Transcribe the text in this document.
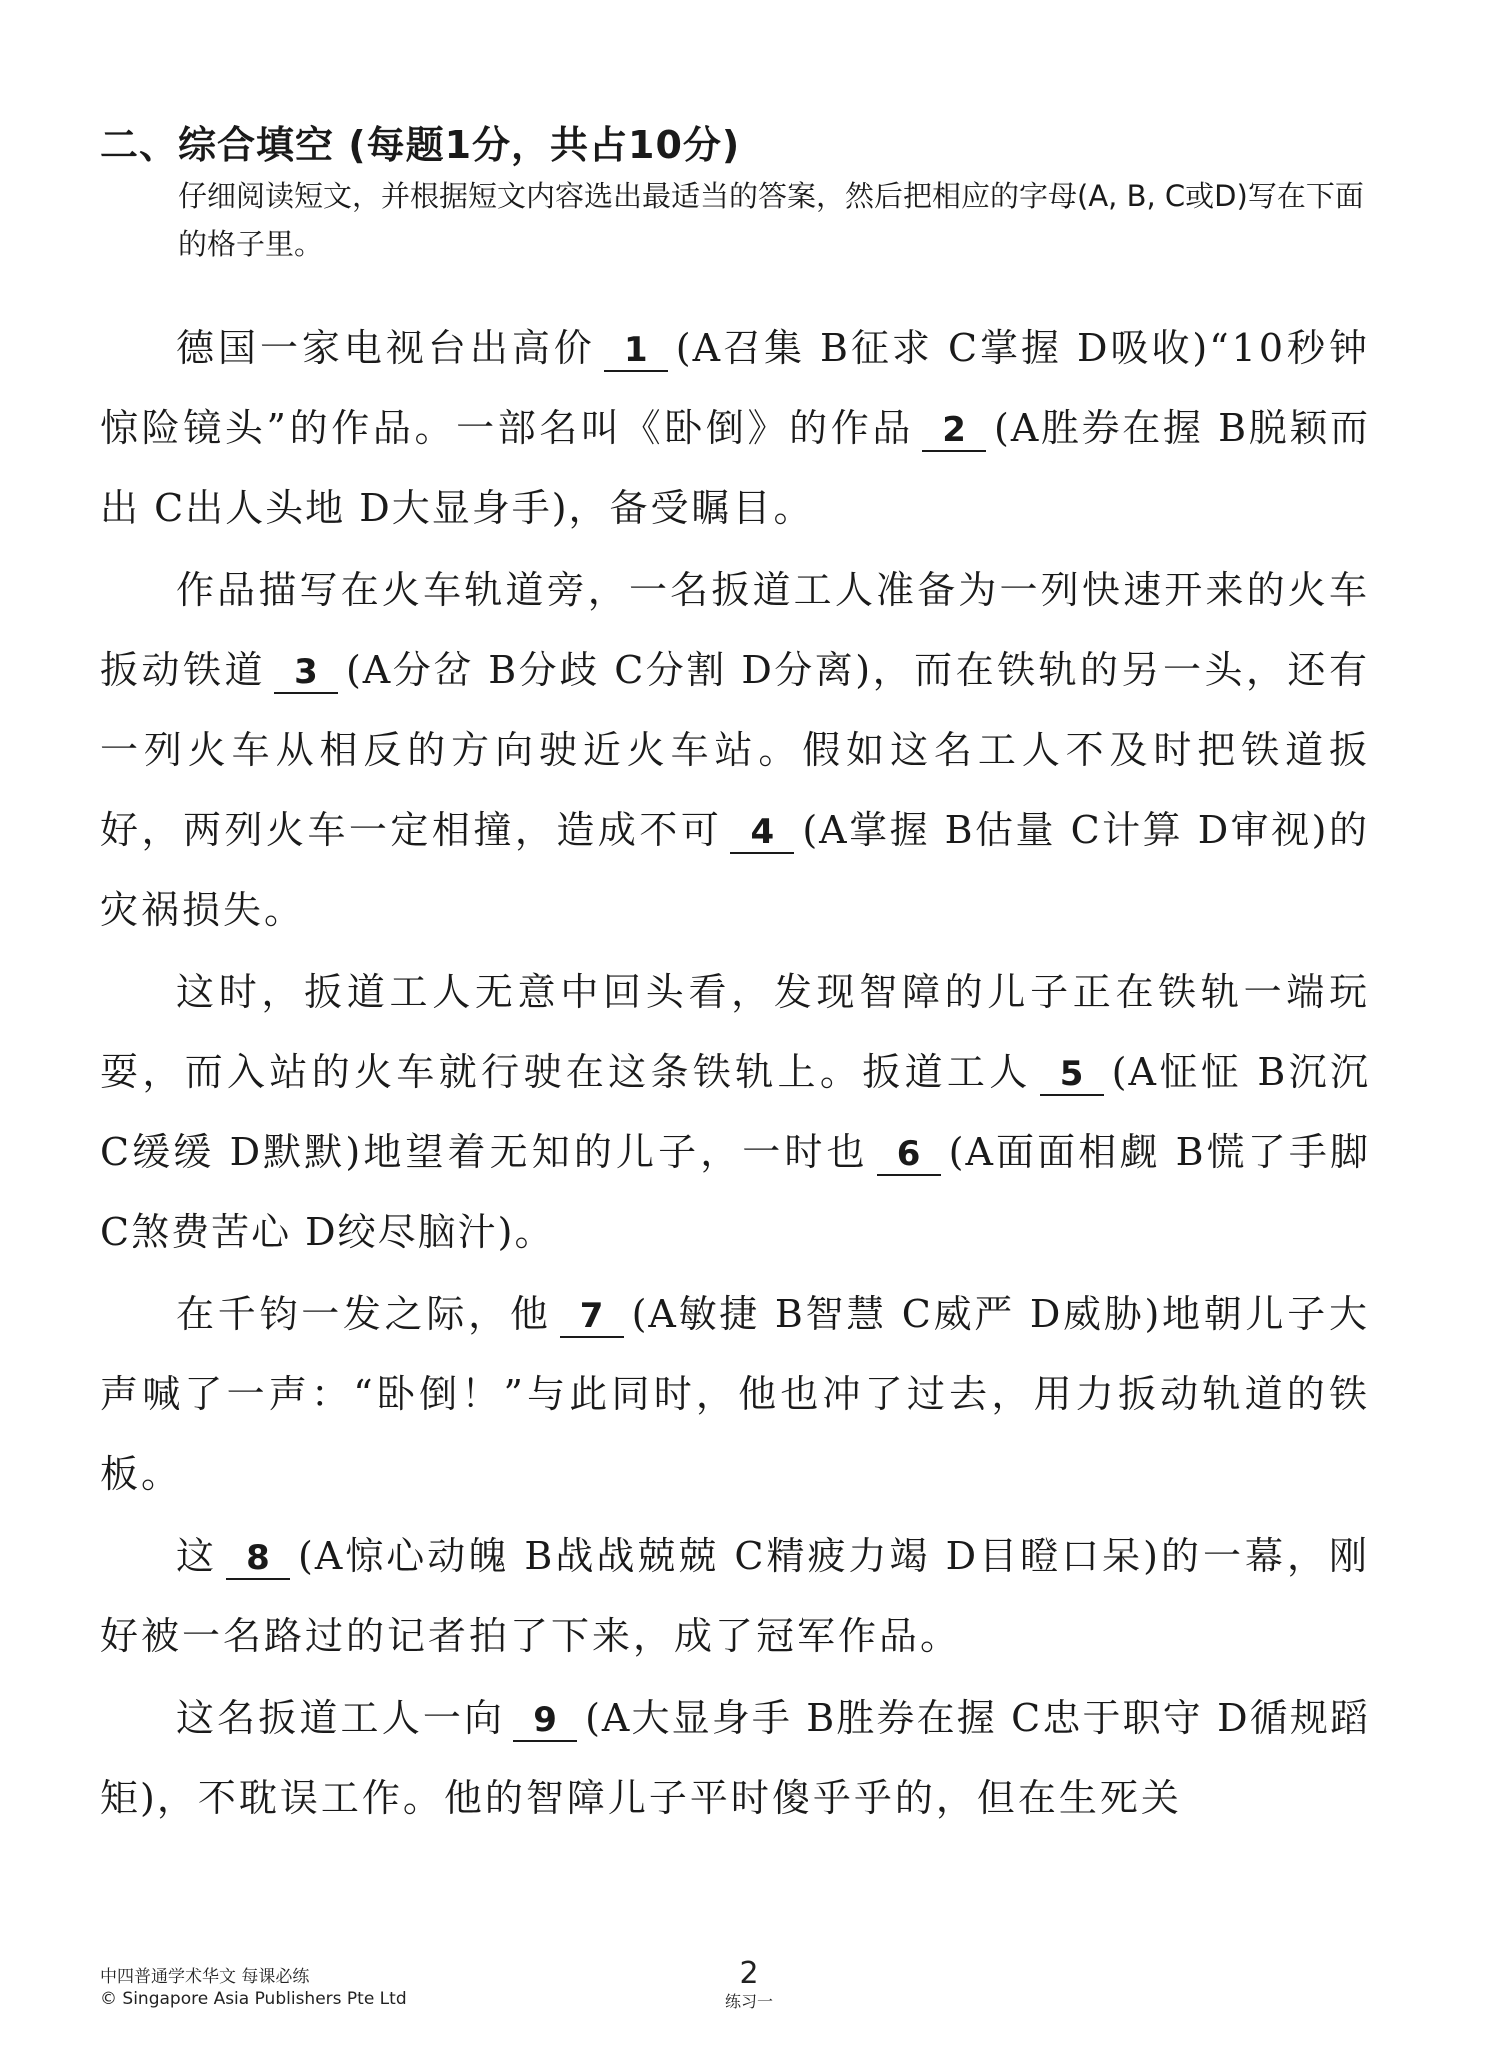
二、综合填空 (每题1分，共占10分)
仔细阅读短文，并根据短文内容选出最适当的答案，然后把相应的字母(A, B, C或D)写在下面的格子里。

德国一家电视台出高价 1 (A召集 B征求 C掌握 D吸收)“10秒钟惊险镜头”的作品。一部名叫《卧倒》的作品 2 (A胜券在握 B脱颖而出 C出人头地 D大显身手)，备受瞩目。

作品描写在火车轨道旁，一名扳道工人准备为一列快速开来的火车扳动铁道 3 (A分岔 B分歧 C分割 D分离)，而在铁轨的另一头，还有一列火车从相反的方向驶近火车站。假如这名工人不及时把铁道扳好，两列火车一定相撞，造成不可 4 (A掌握 B估量 C计算 D审视)的灾祸损失。

这时，扳道工人无意中回头看，发现智障的儿子正在铁轨一端玩耍，而入站的火车就行驶在这条铁轨上。扳道工人 5 (A怔怔 B沉沉 C缓缓 D默默)地望着无知的儿子，一时也 6 (A面面相觑 B慌了手脚 C煞费苦心 D绞尽脑汁)。

在千钧一发之际，他 7 (A敏捷 B智慧 C威严 D威胁)地朝儿子大声喊了一声：“卧倒！”与此同时，他也冲了过去，用力扳动轨道的铁板。

这 8 (A惊心动魄 B战战兢兢 C精疲力竭 D目瞪口呆)的一幕，刚好被一名路过的记者拍了下来，成了冠军作品。

这名扳道工人一向 9 (A大显身手 B胜券在握 C忠于职守 D循规蹈矩)，不耽误工作。他的智障儿子平时傻乎乎的，但在生死关

中四普通学术华文 每课必练
© Singapore Asia Publishers Pte Ltd
2
练习一
